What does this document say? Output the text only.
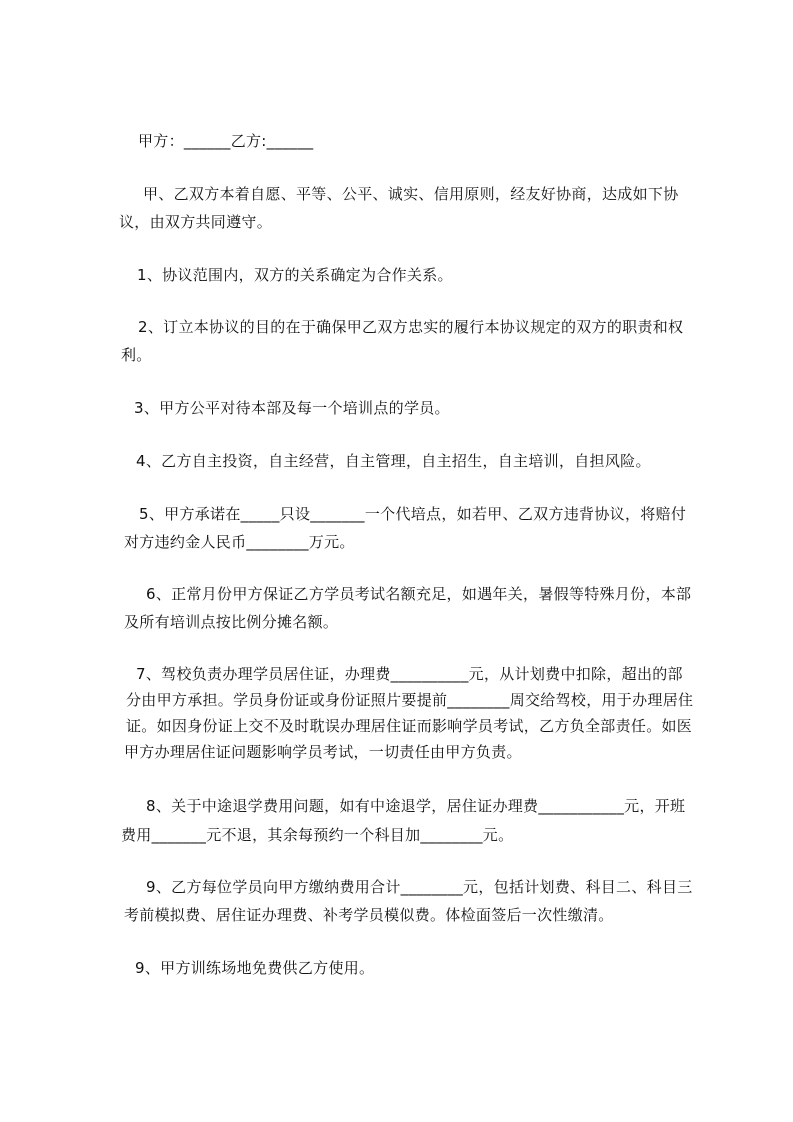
甲方：______乙方:______
甲、乙双方本着自愿、平等、公平、诚实、信用原则，经友好协商，达成如下协
议，由双方共同遵守。
1、协议范围内，双方的关系确定为合作关系。
2、订立本协议的目的在于确保甲乙双方忠实的履行本协议规定的双方的职责和权
利。
3、甲方公平对待本部及每一个培训点的学员。
4、乙方自主投资，自主经营，自主管理，自主招生，自主培训，自担风险。
5、甲方承诺在_____只设_______一个代培点，如若甲、乙双方违背协议，将赔付
对方违约金人民币________万元。
6、正常月份甲方保证乙方学员考试名额充足，如遇年关，暑假等特殊月份，本部
及所有培训点按比例分摊名额。
7、驾校负责办理学员居住证，办理费__________元，从计划费中扣除，超出的部
分由甲方承担。学员身份证或身份证照片要提前________周交给驾校，用于办理居住
证。如因身份证上交不及时耽误办理居住证而影响学员考试，乙方负全部责任。如医
甲方办理居住证问题影响学员考试，一切责任由甲方负责。
8、关于中途退学费用问题，如有中途退学，居住证办理费___________元，开班
费用_______元不退，其余每预约一个科目加________元。
9、乙方每位学员向甲方缴纳费用合计________元，包括计划费、科目二、科目三
考前模拟费、居住证办理费、补考学员模似费。体检面签后一次性缴清。
9、甲方训练场地免费供乙方使用。
